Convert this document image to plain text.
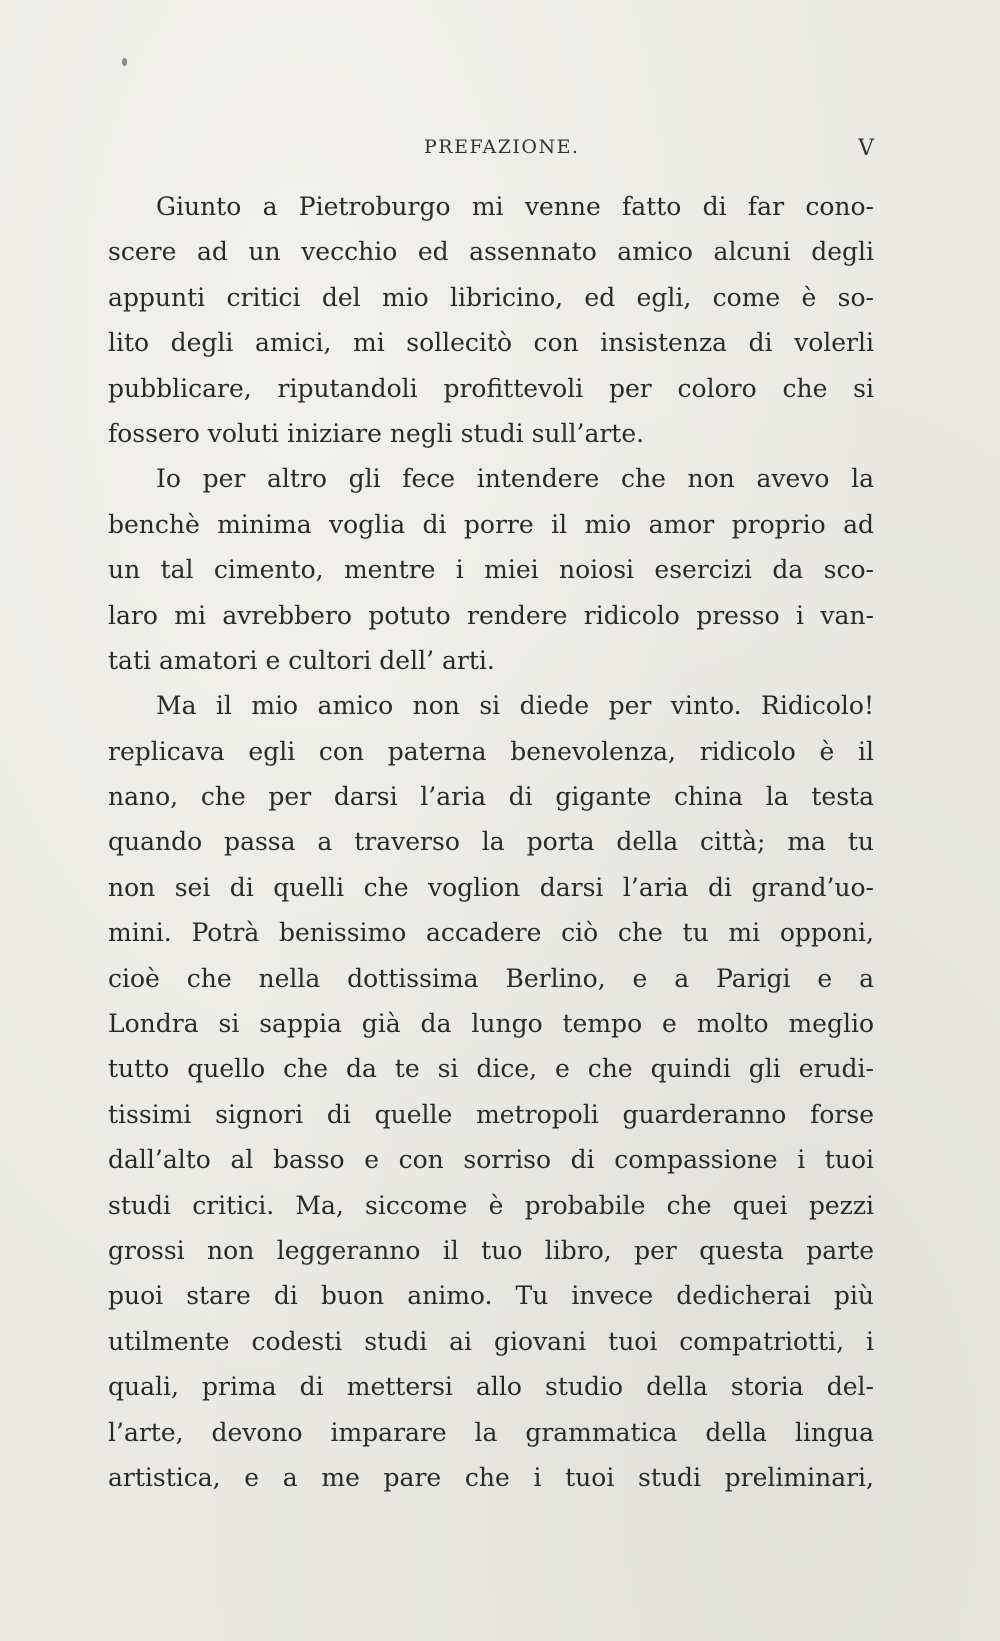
PREFAZIONE.	V
Giunto a Pietroburgo mi venne fatto di far cono-
scere ad un vecchio ed assennato amico alcuni degli
appunti critici del mio libricino, ed egli, come è so-
lito degli amici, mi sollecitò con insistenza di volerli
pubblicare, riputandoli profittevoli per coloro che si
fossero voluti iniziare negli studi sull’arte.
Io per altro gli fece intendere che non avevo la
benchè minima voglia di porre il mio amor proprio ad
un tal cimento, mentre i miei noiosi esercizi da sco-
laro mi avrebbero potuto rendere ridicolo presso i van-
tati amatori e cultori dell’ arti.
Ma il mio amico non si diede per vinto. Ridicolo!
replicava egli con paterna benevolenza, ridicolo è il
nano, che per darsi l’aria di gigante china la testa
quando passa a traverso la porta della città; ma tu
non sei di quelli che voglion darsi l’aria di grand’uo-
mini. Potrà benissimo accadere ciò che tu mi opponi,
cioè che nella dottissima Berlino, e a Parigi e a
Londra si sappia già da lungo tempo e molto meglio
tutto quello che da te si dice, e che quindi gli erudi-
tissimi signori di quelle metropoli guarderanno forse
dall’alto al basso e con sorriso di compassione i tuoi
studi critici. Ma, siccome è probabile che quei pezzi
grossi non leggeranno il tuo libro, per questa parte
puoi stare di buon animo. Tu invece dedicherai più
utilmente codesti studi ai giovani tuoi compatriotti, i
quali, prima di mettersi allo studio della storia del-
l’arte, devono imparare la grammatica della lingua
artistica, e a me pare che i tuoi studi preliminari,
